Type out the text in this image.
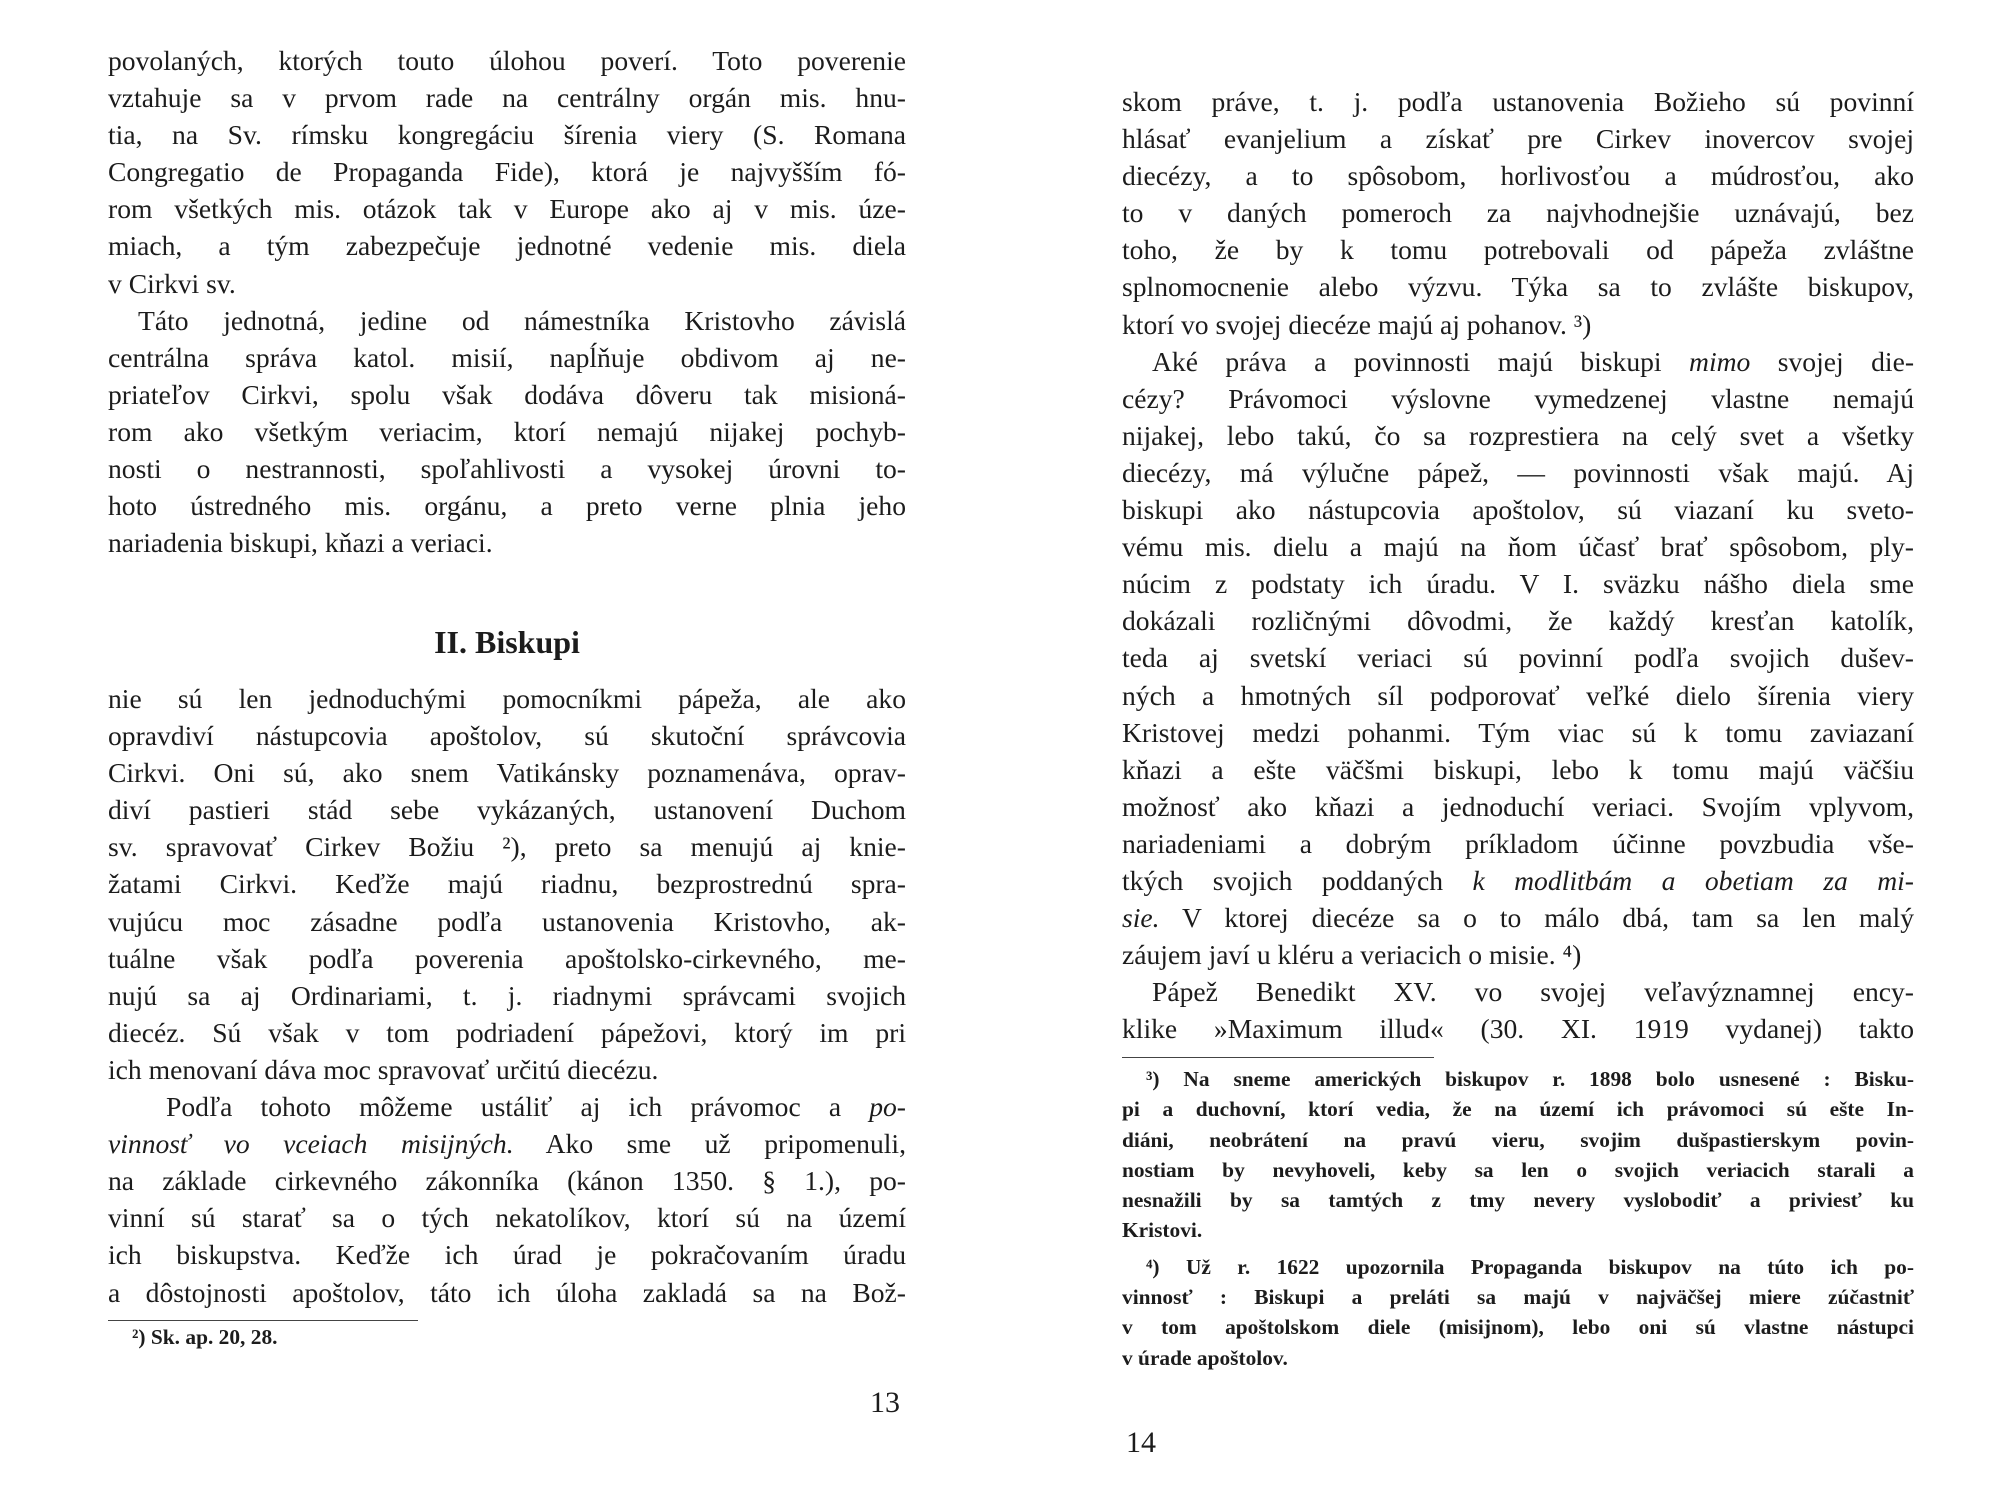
povolaných, ktorých touto úlohou poverí. Toto poverenie

vztahuje sa v prvom rade na centrálny orgán mis. hnu-

tia, na Sv. rímsku kongregáciu šírenia viery (S. Romana

Congregatio de Propaganda Fide), ktorá je najvyšším fó-

rom všetkých mis. otázok tak v Europe ako aj v mis. úze-

miach, a tým zabezpečuje jednotné vedenie mis. diela

v Cirkvi sv.

Táto jednotná, jedine od námestníka Kristovho závislá

centrálna správa katol. misií, napĺňuje obdivom aj ne-

priateľov Cirkvi, spolu však dodáva dôveru tak misioná-

rom ako všetkým veriacim, ktorí nemajú nijakej pochyb-

nosti o nestrannosti, spoľahlivosti a vysokej úrovni to-

hoto ústredného mis. orgánu, a preto verne plnia jeho

nariadenia biskupi, kňazi a veriaci.

II. Biskupi

nie sú len jednoduchými pomocníkmi pápeža, ale ako

opravdiví nástupcovia apoštolov, sú skutoční správcovia

Cirkvi. Oni sú, ako snem Vatikánsky poznamenáva, oprav-

diví pastieri stád sebe vykázaných, ustanovení Duchom

sv. spravovať Cirkev Božiu ²), preto sa menujú aj knie-

žatami Cirkvi. Keďže majú riadnu, bezprostrednú spra-

vujúcu moc zásadne podľa ustanovenia Kristovho, ak-

tuálne však podľa poverenia apoštolsko-cirkevného, me-

nujú sa aj Ordinariami, t. j. riadnymi správcami svojich

diecéz. Sú však v tom podriadení pápežovi, ktorý im pri

ich menovaní dáva moc spravovať určitú diecézu.

Podľa tohoto môžeme ustáliť aj ich právomoc a po-

vinnosť vo vceiach misijných. Ako sme už pripomenuli,

na základe cirkevného zákonníka (kánon 1350. § 1.), po-

vinní sú starať sa o tých nekatolíkov, ktorí sú na území

ich biskupstva. Keďže ich úrad je pokračovaním úradu

a dôstojnosti apoštolov, táto ich úloha zakladá sa na Bož-

²) Sk. ap. 20, 28.

13

skom práve, t. j. podľa ustanovenia Božieho sú povinní

hlásať evanjelium a získať pre Cirkev inovercov svojej

diecézy, a to spôsobom, horlivosťou a múdrosťou, ako

to v daných pomeroch za najvhodnejšie uznávajú, bez

toho, že by k tomu potrebovali od pápeža zvláštne

splnomocnenie alebo výzvu. Týka sa to zvlášte biskupov,

ktorí vo svojej diecéze majú aj pohanov. ³)

Aké práva a povinnosti majú biskupi mimo svojej die-

cézy? Právomoci výslovne vymedzenej vlastne nemajú

nijakej, lebo takú, čo sa rozprestiera na celý svet a všetky

diecézy, má výlučne pápež, — povinnosti však majú. Aj

biskupi ako nástupcovia apoštolov, sú viazaní ku sveto-

vému mis. dielu a majú na ňom účasť brať spôsobom, ply-

núcim z podstaty ich úradu. V I. sväzku nášho diela sme

dokázali rozličnými dôvodmi, že každý kresťan katolík,

teda aj svetskí veriaci sú povinní podľa svojich dušev-

ných a hmotných síl podporovať veľké dielo šírenia viery

Kristovej medzi pohanmi. Tým viac sú k tomu zaviazaní

kňazi a ešte väčšmi biskupi, lebo k tomu majú väčšiu

možnosť ako kňazi a jednoduchí veriaci. Svojím vplyvom,

nariadeniami a dobrým príkladom účinne povzbudia vše-

tkých svojich poddaných k modlitbám a obetiam za mi-

sie. V ktorej diecéze sa o to málo dbá, tam sa len malý

záujem javí u kléru a veriacich o misie. ⁴)

Pápež Benedikt XV. vo svojej veľavýznamnej ency-

klike »Maximum illud« (30. XI. 1919 vydanej) takto

³) Na sneme amerických biskupov r. 1898 bolo usnesené : Bisku-

pi a duchovní, ktorí vedia, že na území ich právomoci sú ešte In-

diáni, neobrátení na pravú vieru, svojim dušpastierskym povin-

nostiam by nevyhoveli, keby sa len o svojich veriacich starali a

nesnažili by sa tamtých z tmy nevery vyslobodiť a priviesť ku

Kristovi.

⁴) Už r. 1622 upozornila Propaganda biskupov na túto ich po-

vinnosť : Biskupi a preláti sa majú v najväčšej miere zúčastniť

v tom apoštolskom diele (misijnom), lebo oni sú vlastne nástupci

v úrade apoštolov.

14
